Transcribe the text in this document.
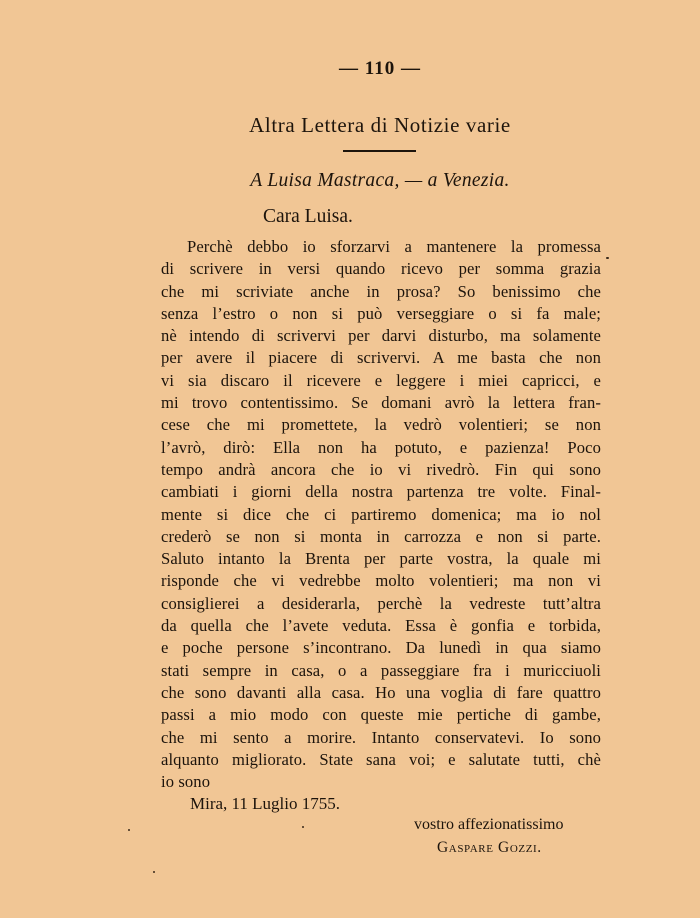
— 110 —
Altra Lettera di Notizie varie
A Luisa Mastraca, — a Venezia.
Cara Luisa.
Perchè debbo io sforzarvi a mantenere la promessa
di scrivere in versi quando ricevo per somma grazia
che mi scriviate anche in prosa? So benissimo che
senza l’estro o non si può verseggiare o si fa male;
nè intendo di scrivervi per darvi disturbo, ma solamente
per avere il piacere di scrivervi. A me basta che non
vi sia discaro il ricevere e leggere i miei capricci, e
mi trovo contentissimo. Se domani avrò la lettera fran-
cese che mi promettete, la vedrò volentieri; se non
l’avrò, dirò: Ella non ha potuto, e pazienza! Poco
tempo andrà ancora che io vi rivedrò. Fin qui sono
cambiati i giorni della nostra partenza tre volte. Final-
mente si dice che ci partiremo domenica; ma io nol
crederò se non si monta in carrozza e non si parte.
Saluto intanto la Brenta per parte vostra, la quale mi
risponde che vi vedrebbe molto volentieri; ma non vi
consiglierei a desiderarla, perchè la vedreste tutt’altra
da quella che l’avete veduta. Essa è gonfia e torbida,
e poche persone s’incontrano. Da lunedì in qua siamo
stati sempre in casa, o a passeggiare fra i muricciuoli
che sono davanti alla casa. Ho una voglia di fare quattro
passi a mio modo con queste mie pertiche di gambe,
che mi sento a morire. Intanto conservatevi. Io sono
alquanto migliorato. State sana voi; e salutate tutti, chè
io sono
Mira, 11 Luglio 1755.
vostro affezionatissimo
Gaspare Gozzi.
